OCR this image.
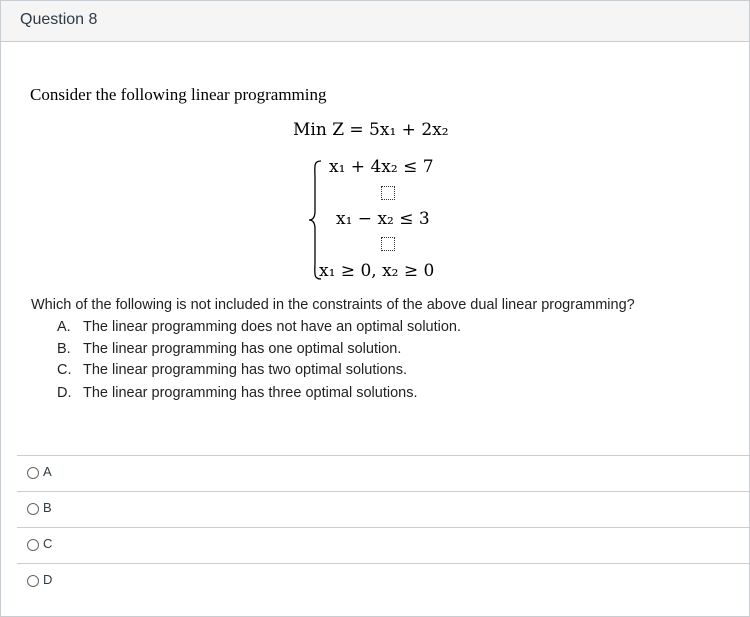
Question 8
Consider the following linear programming
Min Z = 5x₁ + 2x₂
x₁ + 4x₂ ≤ 7
x₁ − x₂ ≤ 3
x₁ ≥ 0, x₂ ≥ 0
Which of the following is not included in the constraints of the above dual linear programming?
A. The linear programming does not have an optimal solution.
B. The linear programming has one optimal solution.
C. The linear programming has two optimal solutions.
D. The linear programming has three optimal solutions.
A
B
C
D
